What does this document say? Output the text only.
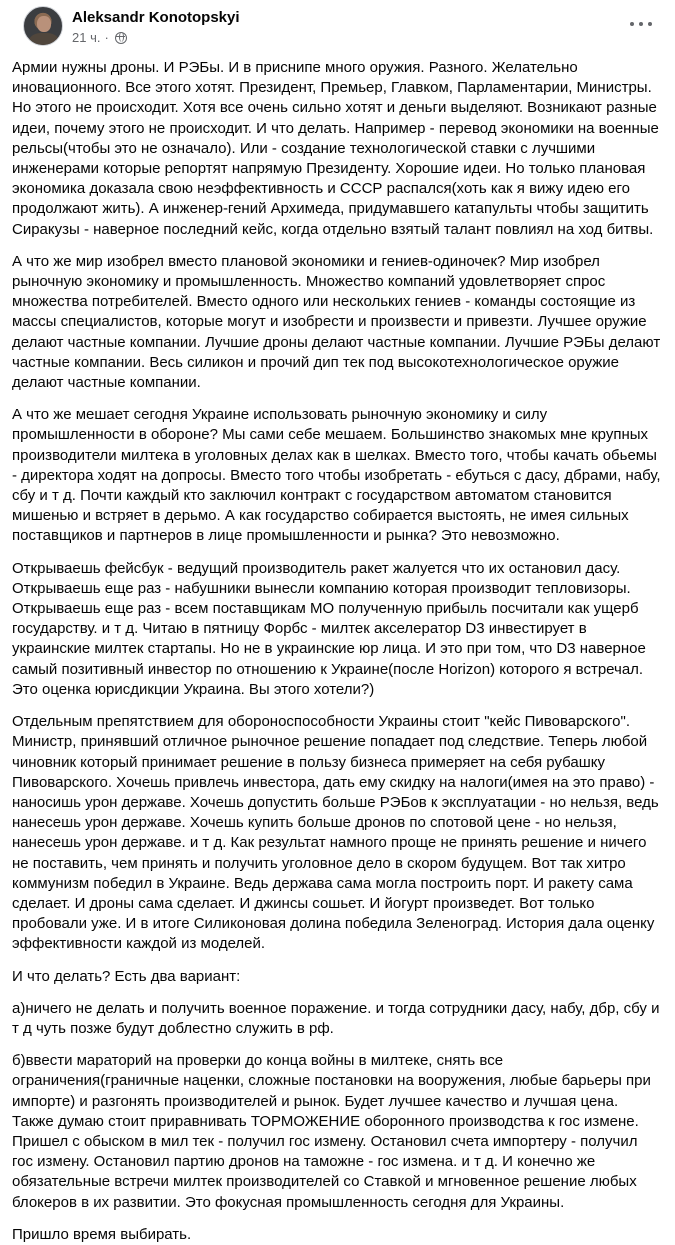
Aleksandr Konotopskyi
21 ч. ·

Армии нужны дроны. И РЭБы. И в приcнипе много оружия. Разного. Желательно иновационного. Все этого хотят. Президент, Премьер, Главком, Парламентарии, Министры. Но этого не происходит. Хотя все очень сильно хотят и деньги выделяют. Возникают разные идеи, почему этого не происходит. И что делать. Например - перевод экономики на военные рельсы(чтобы это не означало). Или - создание технологической ставки с лучшими инженерами которые репортят напрямую Президенту. Хорошие идеи. Но только плановая экономика доказала свою неэффективность и СССР распался(хоть как я вижу идею его продолжают жить). А инженер-гений Архимеда, придумавшего катапульты чтобы защитить Сиракузы - наверное последний кейс, когда отдельно взятый талант повлиял на ход битвы.

А что же мир изобрел вместо плановой экономики и гениев-одиночек? Мир изобрел рыночную экономику и промышленность. Множество компаний удовлетворяет спрос множества потребителей. Вместо одного или нескольких гениев - команды состоящие из массы специалистов, которые могут и изобрести и произвести и привезти. Лучшее оружие делают частные компании. Лучшие дроны делают частные компании. Лучшие РЭБы делают частные компании. Весь силикон и прочий дип тек под высокотехнологическое оружие делают частные компании.

А что же мешает сегодня Украине использовать рыночную экономику и силу промышленности в обороне? Мы сами себе мешаем. Большинство знакомых мне крупных производители милтека в уголовных делах как в шелках. Вместо того, чтобы качать обьемы - директора ходят на допросы. Вместо того чтобы изобретать - ебуться с дасу, дбрами, набу, сбу и т д. Почти каждый кто заключил контракт с государством автоматом становится мишенью и встряет в дерьмо. А как государство собирается выстоять, не имея сильных поставщиков и партнеров в лице промышленности и рынка? Это невозможно.

Открываешь фейсбук - ведущий производитель ракет жалуется что их остановил дасу. Открываешь еще раз - набушники вынесли компанию которая производит тепловизоры. Открываешь еще раз - всем поставщикам МО полученную прибыль посчитали как ущерб государству. и т д. Читаю в пятницу Форбс - милтек акселератор D3 инвестирует в украинские милтек стартапы. Но не в украинские юр лица. И это при том, что D3 наверное самый позитивный инвестор по отношению к Украине(после Horizon) которого я встречал. Это оценка юрисдикции Украина. Вы этого хотели?)

Отдельным препятствием для обороноспособности Украины стоит "кейс Пивоварского". Министр, принявший отличное рыночное решение попадает под следствие. Теперь любой чиновник который принимает решение в пользу бизнеса примеряет на себя рубашку Пивоварского. Хочешь привлечь инвестора, дать ему скидку на налоги(имея на это право) - наносишь урон державе. Хочешь допустить больше РЭБов к эксплуатации - но нельзя, ведь нанесешь урон державе. Хочешь купить больше дронов по спотовой цене - но нельзя, нанесешь урон державе. и т д. Как результат намного проще не принять решение и ничего не поставить, чем принять и получить уголовное дело в скором будущем. Вот так хитро коммунизм победил в Украине. Ведь держава сама могла построить порт. И ракету сама сделает. И дроны сама сделает. И джинсы сошьет. И йогурт произведет. Вот только пробовали уже. И в итоге Силиконовая долина победила Зеленоград. История дала оценку эффективности каждой из моделей.

И что делать? Есть два вариант:

а)ничего не делать и получить военное поражение. и тогда сотрудники дасу, набу, дбр, сбу и т д чуть позже будут доблестно служить в рф.

б)ввести мараторий на проверки до конца войны в милтеке, снять все ограничения(граничные наценки, сложные постановки на вооружения, любые барьеры при импорте) и разгонять производителей и рынок. Будет лучшее качество и лучшая цена. Также думаю стоит приравнивать ТОРМОЖЕНИЕ оборонного производства к гос измене. Пришел с обыском в мил тек - получил гос измену. Остановил счета импортеру - получил гос измену. Остановил партию дронов на таможне - гос измена. и т д. И конечно же обязательные встречи милтек производителей со Ставкой и мгновенное решение любых блокеров в их развитии. Это фокусная промышленность сегодня для Украины.

Пришло время выбирать.
